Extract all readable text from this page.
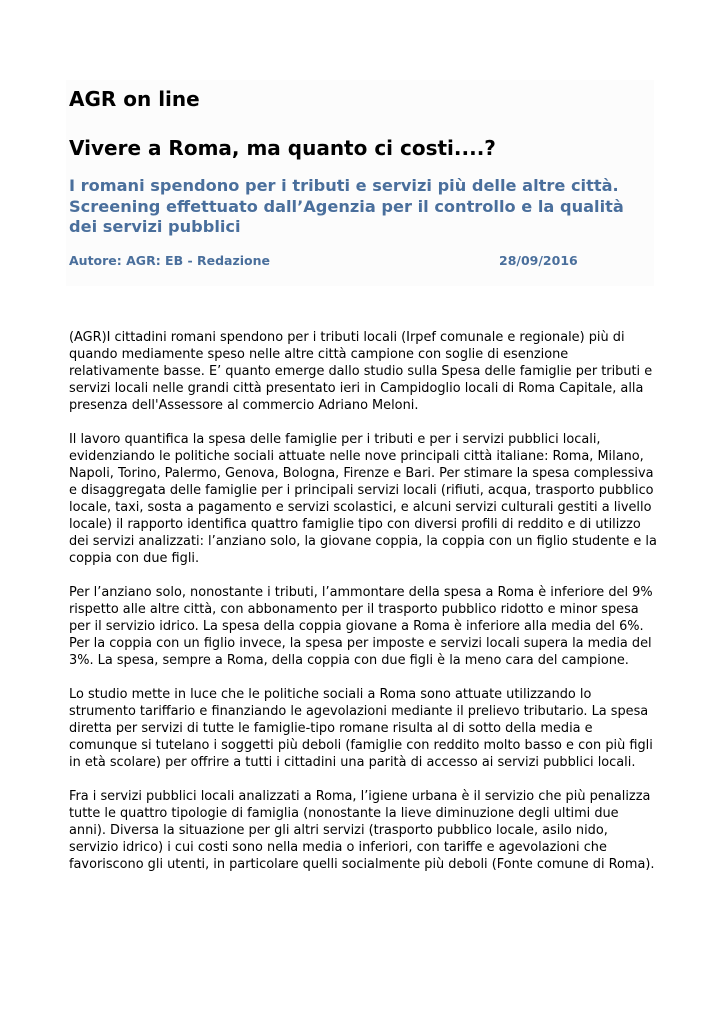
AGR on line
Vivere a Roma, ma quanto ci costi....?
I romani spendono per i tributi e servizi più delle altre città. Screening effettuato dall’Agenzia per il controllo e la qualità dei servizi pubblici
Autore: AGR: EB - Redazione	28/09/2016

(AGR)I cittadini romani spendono per i tributi locali (Irpef comunale e regionale) più di quando mediamente speso nelle altre città campione con soglie di esenzione relativamente basse. E’ quanto emerge dallo studio sulla Spesa delle famiglie per tributi e servizi locali nelle grandi città presentato ieri in Campidoglio locali di Roma Capitale, alla presenza dell'Assessore al commercio Adriano Meloni.

Il lavoro quantifica la spesa delle famiglie per i tributi e per i servizi pubblici locali, evidenziando le politiche sociali attuate nelle nove principali città italiane: Roma, Milano, Napoli, Torino, Palermo, Genova, Bologna, Firenze e Bari. Per stimare la spesa complessiva e disaggregata delle famiglie per i principali servizi locali (rifiuti, acqua, trasporto pubblico locale, taxi, sosta a pagamento e servizi scolastici, e alcuni servizi culturali gestiti a livello locale) il rapporto identifica quattro famiglie tipo con diversi profili di reddito e di utilizzo dei servizi analizzati: l’anziano solo, la giovane coppia, la coppia con un figlio studente e la coppia con due figli.

Per l’anziano solo, nonostante i tributi, l’ammontare della spesa a Roma è inferiore del 9% rispetto alle altre città, con abbonamento per il trasporto pubblico ridotto e minor spesa per il servizio idrico. La spesa della coppia giovane a Roma è inferiore alla media del 6%. Per la coppia con un figlio invece, la spesa per imposte e servizi locali supera la media del 3%. La spesa, sempre a Roma, della coppia con due figli è la meno cara del campione.

Lo studio mette in luce che le politiche sociali a Roma sono attuate utilizzando lo strumento tariffario e finanziando le agevolazioni mediante il prelievo tributario. La spesa diretta per servizi di tutte le famiglie-tipo romane risulta al di sotto della media e comunque si tutelano i soggetti più deboli (famiglie con reddito molto basso e con più figli in età scolare) per offrire a tutti i cittadini una parità di accesso ai servizi pubblici locali.

Fra i servizi pubblici locali analizzati a Roma, l’igiene urbana è il servizio che più penalizza tutte le quattro tipologie di famiglia (nonostante la lieve diminuzione degli ultimi due anni). Diversa la situazione per gli altri servizi (trasporto pubblico locale, asilo nido, servizio idrico) i cui costi sono nella media o inferiori, con tariffe e agevolazioni che favoriscono gli utenti, in particolare quelli socialmente più deboli (Fonte comune di Roma).
